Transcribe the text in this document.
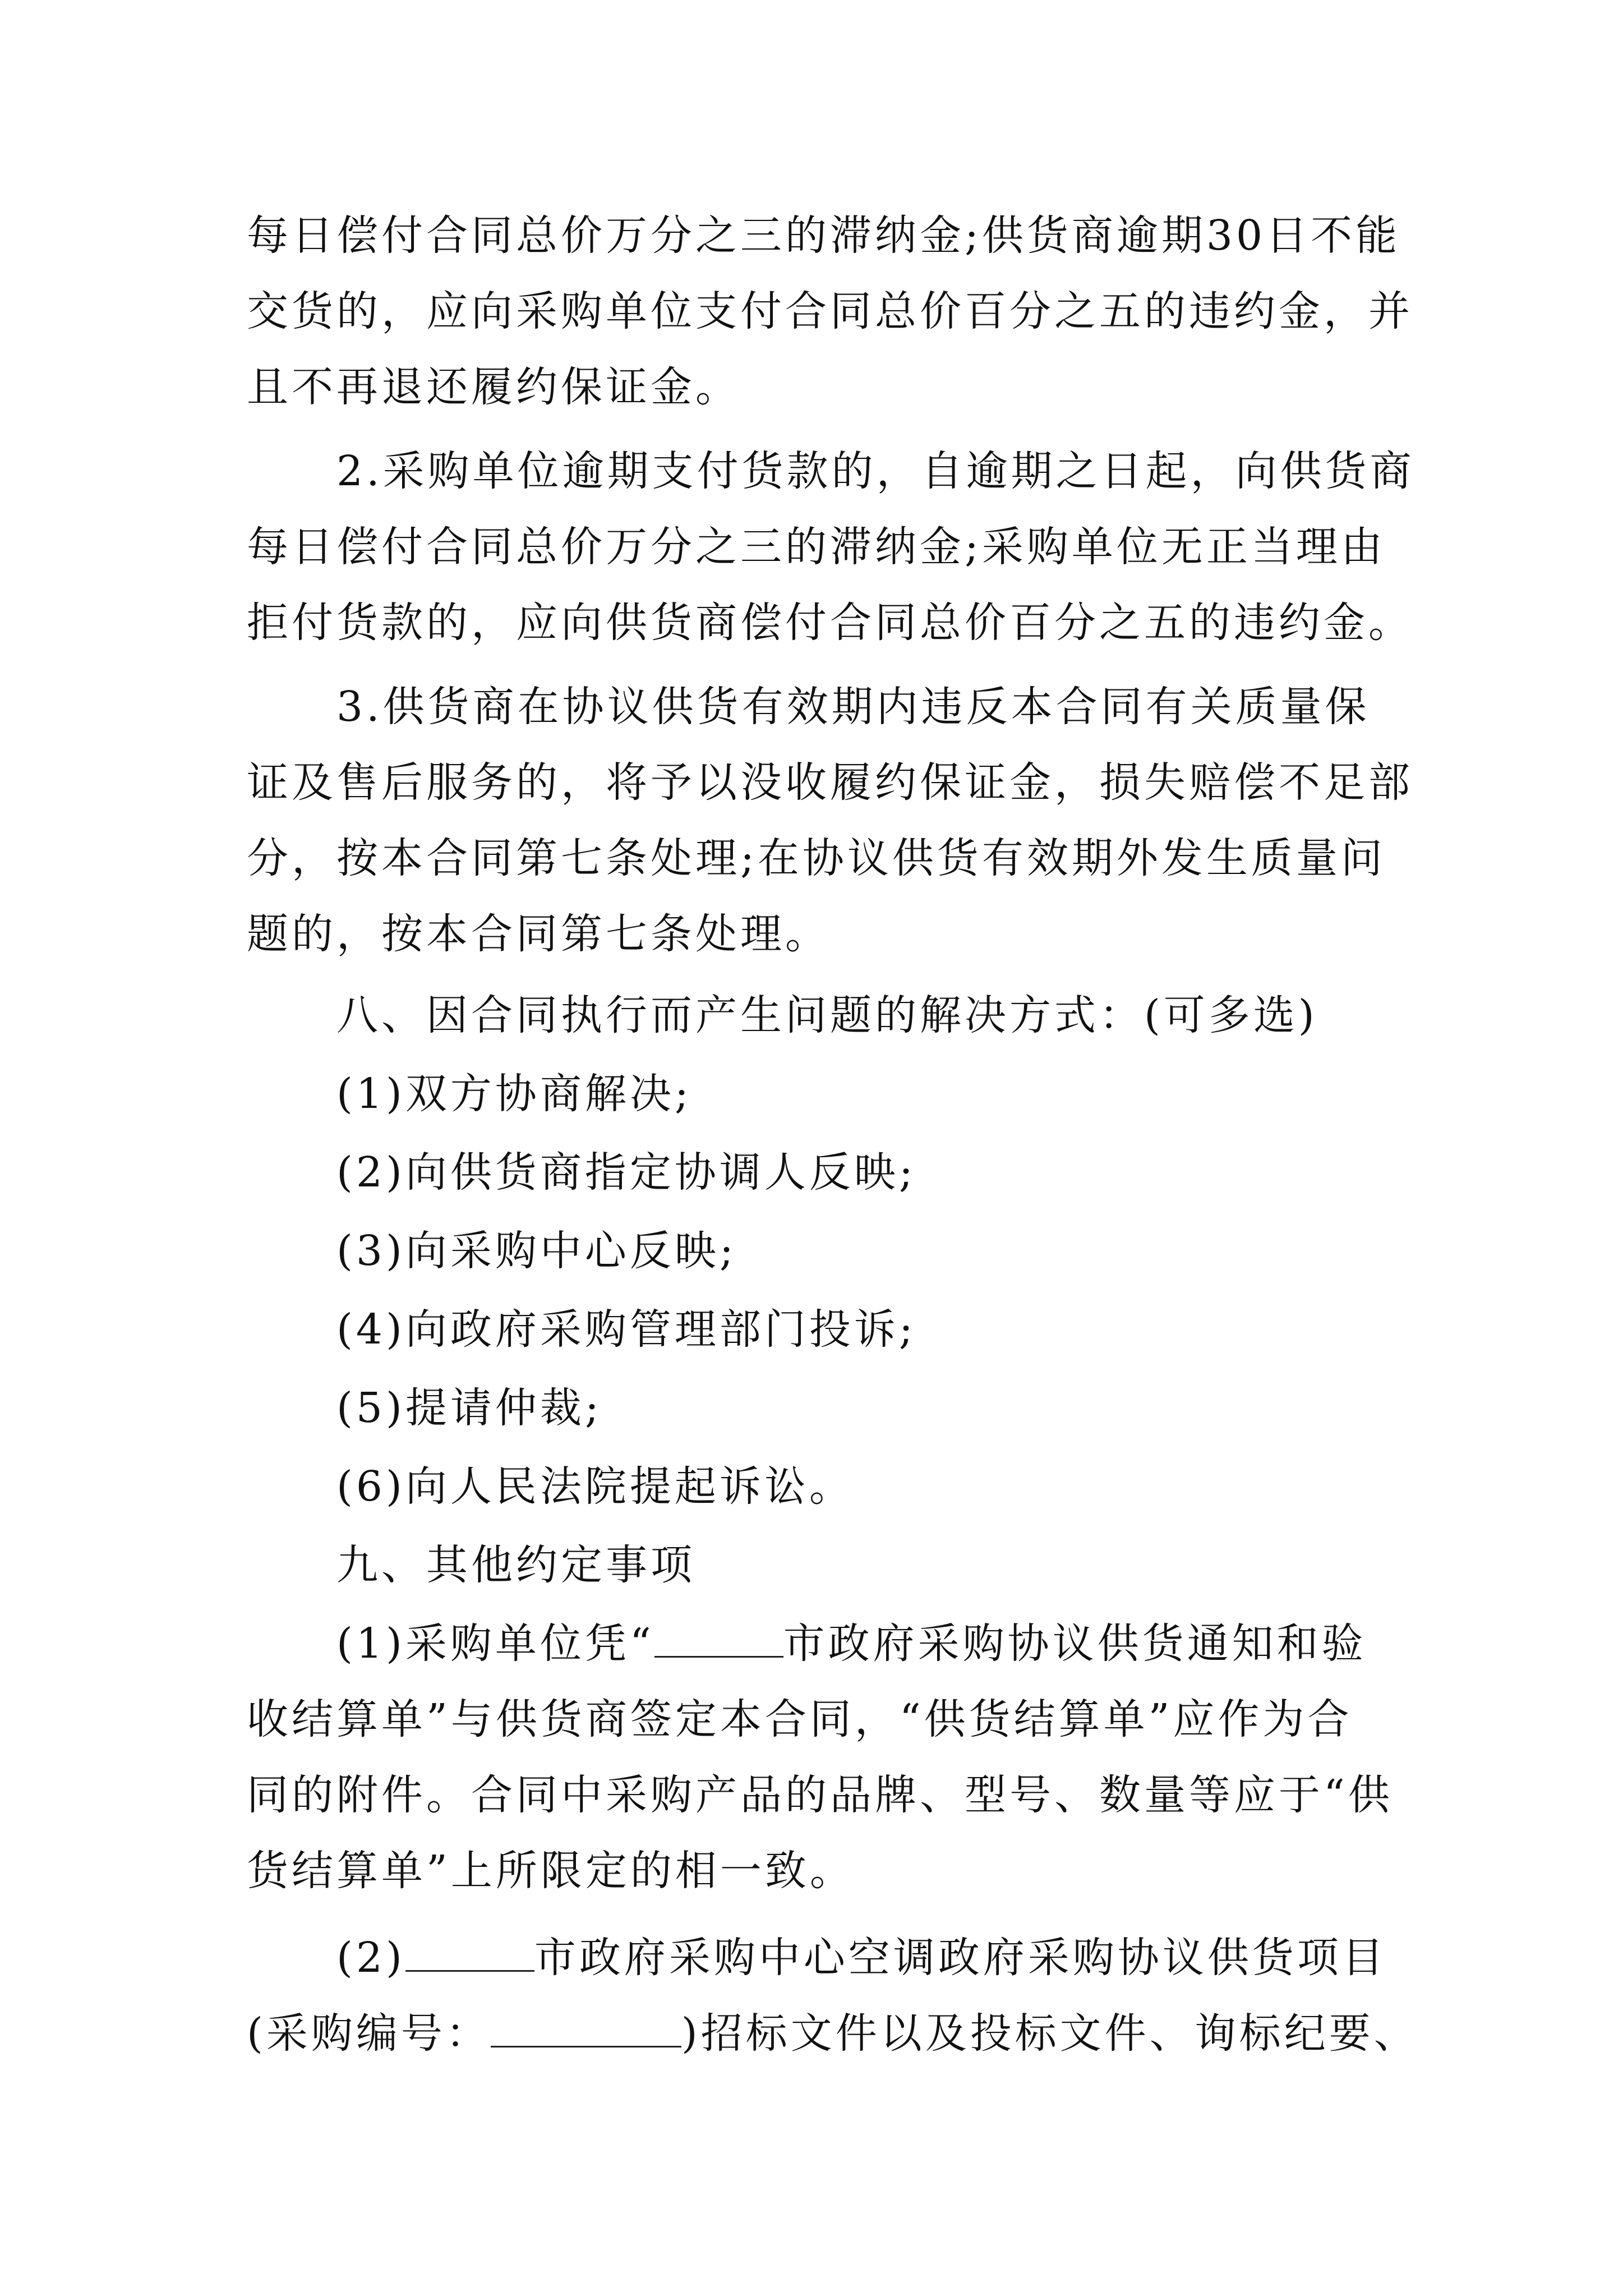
每日偿付合同总价万分之三的滞纳金;供货商逾期30日不能
交货的，应向采购单位支付合同总价百分之五的违约金，并
且不再退还履约保证金。
2.采购单位逾期支付货款的，自逾期之日起，向供货商
每日偿付合同总价万分之三的滞纳金;采购单位无正当理由
拒付货款的，应向供货商偿付合同总价百分之五的违约金。
3.供货商在协议供货有效期内违反本合同有关质量保
证及售后服务的，将予以没收履约保证金，损失赔偿不足部
分，按本合同第七条处理;在协议供货有效期外发生质量问
题的，按本合同第七条处理。
八、因合同执行而产生问题的解决方式：(可多选)
(1)双方协商解决;
(2)向供货商指定协调人反映;
(3)向采购中心反映;
(4)向政府采购管理部门投诉;
(5)提请仲裁;
(6)向人民法院提起诉讼。
九、其他约定事项
(1)采购单位凭“	市政府采购协议供货通知和验
收结算单”与供货商签定本合同，“供货结算单”应作为合
同的附件。合同中采购产品的品牌、型号、数量等应于“供
货结算单”上所限定的相一致。
(2)	市政府采购中心空调政府采购协议供货项目
(采购编号：	)招标文件以及投标文件、询标纪要、
